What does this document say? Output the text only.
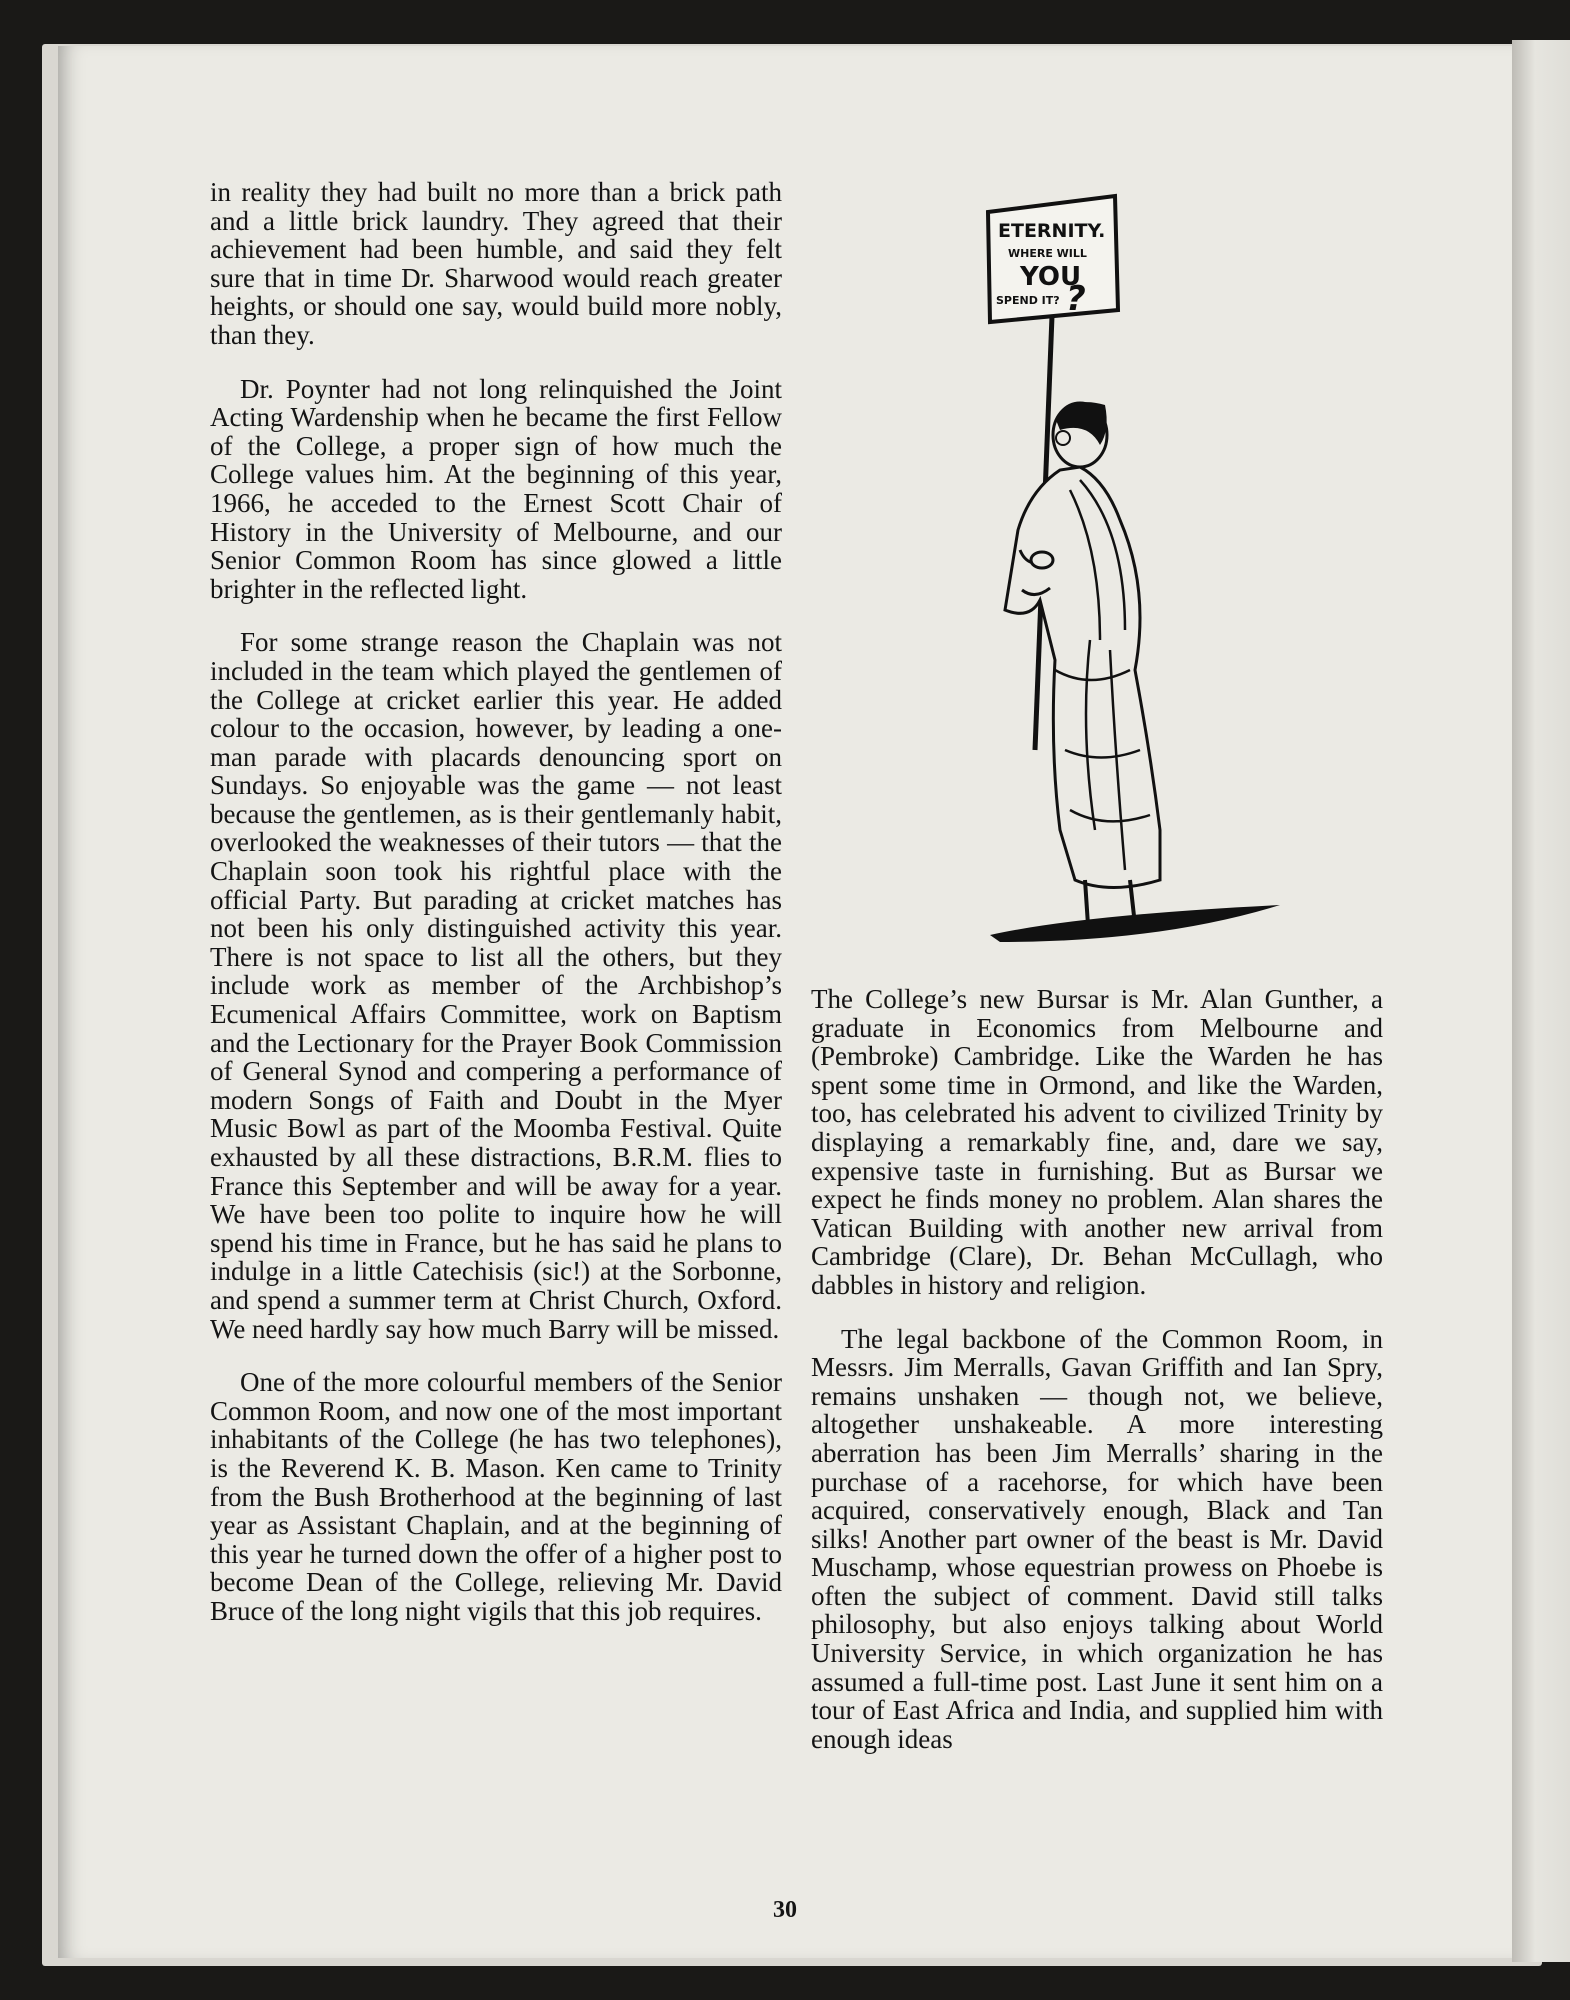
in reality they had built no more than a brick path and a little brick laundry. They agreed that their achievement had been humble, and said they felt sure that in time Dr. Sharwood would reach greater heights, or should one say, would build more nobly, than they.

Dr. Poynter had not long relinquished the Joint Acting Wardenship when he became the first Fellow of the College, a proper sign of how much the College values him. At the beginning of this year, 1966, he acceded to the Ernest Scott Chair of History in the University of Melbourne, and our Senior Common Room has since glowed a little brighter in the reflected light.

For some strange reason the Chaplain was not included in the team which played the gentlemen of the College at cricket earlier this year. He added colour to the occasion, however, by leading a one-man parade with placards denouncing sport on Sundays. So enjoyable was the game — not least because the gentlemen, as is their gentlemanly habit, overlooked the weaknesses of their tutors — that the Chaplain soon took his rightful place with the official Party. But parading at cricket matches has not been his only distinguished activity this year. There is not space to list all the others, but they include work as member of the Archbishop’s Ecumenical Affairs Committee, work on Baptism and the Lectionary for the Prayer Book Commission of General Synod and compering a performance of modern Songs of Faith and Doubt in the Myer Music Bowl as part of the Moomba Festival. Quite exhausted by all these distractions, B.R.M. flies to France this September and will be away for a year. We have been too polite to inquire how he will spend his time in France, but he has said he plans to indulge in a little Catechisis (sic!) at the Sorbonne, and spend a summer term at Christ Church, Oxford. We need hardly say how much Barry will be missed.

One of the more colourful members of the Senior Common Room, and now one of the most important inhabitants of the College (he has two telephones), is the Reverend K. B. Mason. Ken came to Trinity from the Bush Brotherhood at the beginning of last year as Assistant Chaplain, and at the beginning of this year he turned down the offer of a higher post to become Dean of the College, relieving Mr. David Bruce of the long night vigils that this job requires.

ETERNITY.
WHERE WILL
YOU
SPEND IT? ?

The College’s new Bursar is Mr. Alan Gunther, a graduate in Economics from Melbourne and (Pembroke) Cambridge. Like the Warden he has spent some time in Ormond, and like the Warden, too, has celebrated his advent to civilized Trinity by displaying a remarkably fine, and, dare we say, expensive taste in furnishing. But as Bursar we expect he finds money no problem. Alan shares the Vatican Building with another new arrival from Cambridge (Clare), Dr. Behan McCullagh, who dabbles in history and religion.

The legal backbone of the Common Room, in Messrs. Jim Merralls, Gavan Griffith and Ian Spry, remains unshaken — though not, we believe, altogether unshakeable. A more interesting aberration has been Jim Merralls’ sharing in the purchase of a racehorse, for which have been acquired, conservatively enough, Black and Tan silks! Another part owner of the beast is Mr. David Muschamp, whose equestrian prowess on Phoebe is often the subject of comment. David still talks philosophy, but also enjoys talking about World University Service, in which organization he has assumed a full-time post. Last June it sent him on a tour of East Africa and India, and supplied him with enough ideas

30
